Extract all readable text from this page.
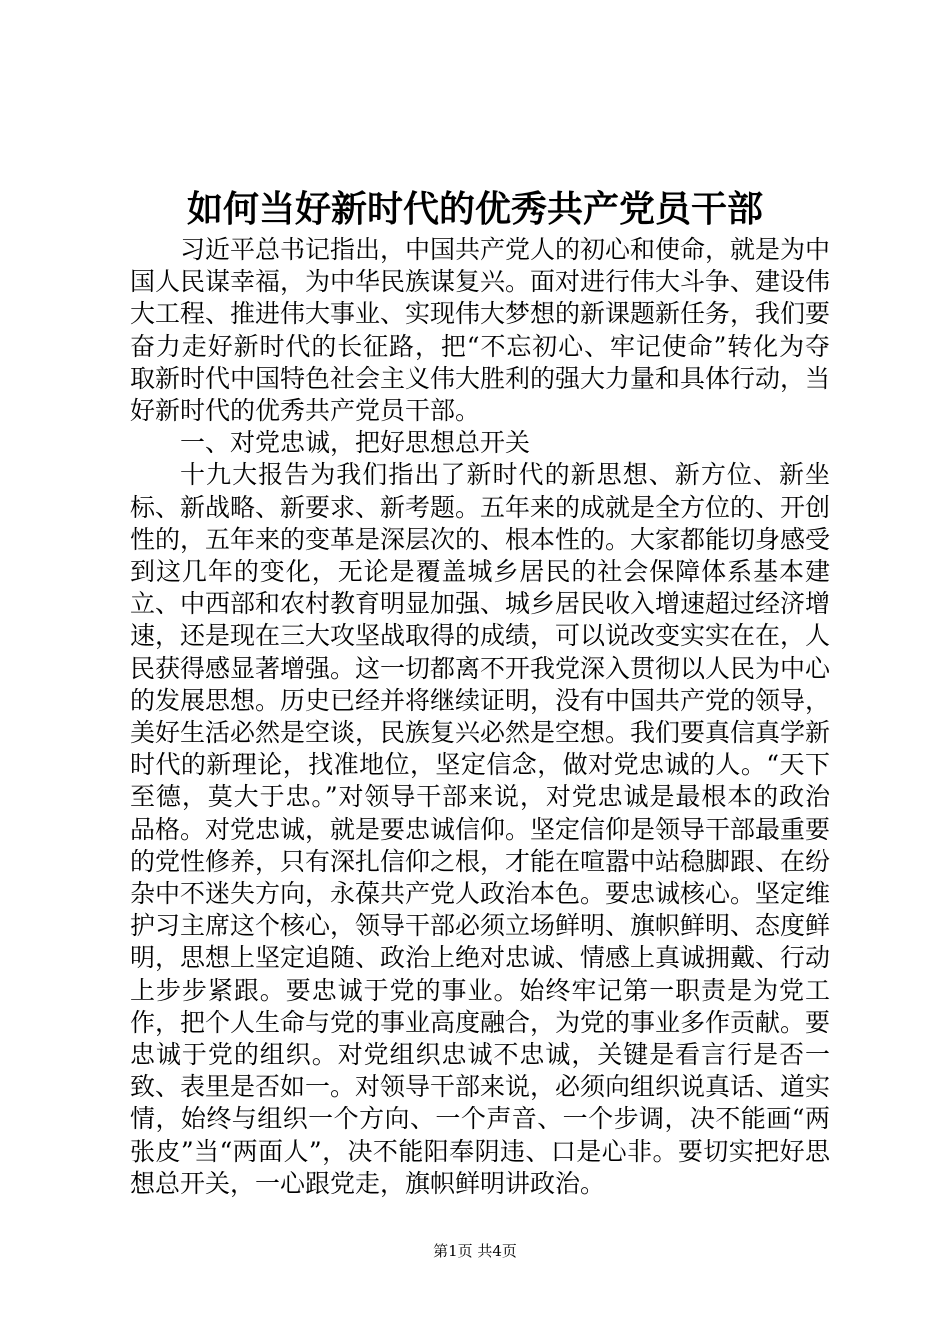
如何当好新时代的优秀共产党员干部

习近平总书记指出，中国共产党人的初心和使命，就是为中国人民谋幸福，为中华民族谋复兴。面对进行伟大斗争、建设伟大工程、推进伟大事业、实现伟大梦想的新课题新任务，我们要奋力走好新时代的长征路，把“不忘初心、牢记使命”转化为夺取新时代中国特色社会主义伟大胜利的强大力量和具体行动，当好新时代的优秀共产党员干部。

一、对党忠诚，把好思想总开关

十九大报告为我们指出了新时代的新思想、新方位、新坐标、新战略、新要求、新考题。五年来的成就是全方位的、开创性的，五年来的变革是深层次的、根本性的。大家都能切身感受到这几年的变化，无论是覆盖城乡居民的社会保障体系基本建立、中西部和农村教育明显加强、城乡居民收入增速超过经济增速，还是现在三大攻坚战取得的成绩，可以说改变实实在在，人民获得感显著增强。这一切都离不开我党深入贯彻以人民为中心的发展思想。历史已经并将继续证明，没有中国共产党的领导，美好生活必然是空谈，民族复兴必然是空想。我们要真信真学新时代的新理论，找准地位，坚定信念，做对党忠诚的人。“天下至德，莫大于忠。”对领导干部来说，对党忠诚是最根本的政治品格。对党忠诚，就是要忠诚信仰。坚定信仰是领导干部最重要的党性修养，只有深扎信仰之根，才能在喧嚣中站稳脚跟、在纷杂中不迷失方向，永葆共产党人政治本色。要忠诚核心。坚定维护习主席这个核心，领导干部必须立场鲜明、旗帜鲜明、态度鲜明，思想上坚定追随、政治上绝对忠诚、情感上真诚拥戴、行动上步步紧跟。要忠诚于党的事业。始终牢记第一职责是为党工作，把个人生命与党的事业高度融合，为党的事业多作贡献。要忠诚于党的组织。对党组织忠诚不忠诚，关键是看言行是否一致、表里是否如一。对领导干部来说，必须向组织说真话、道实情，始终与组织一个方向、一个声音、一个步调，决不能画“两张皮”当“两面人”，决不能阳奉阴违、口是心非。要切实把好思想总开关，一心跟党走，旗帜鲜明讲政治。

第1页 共4页
